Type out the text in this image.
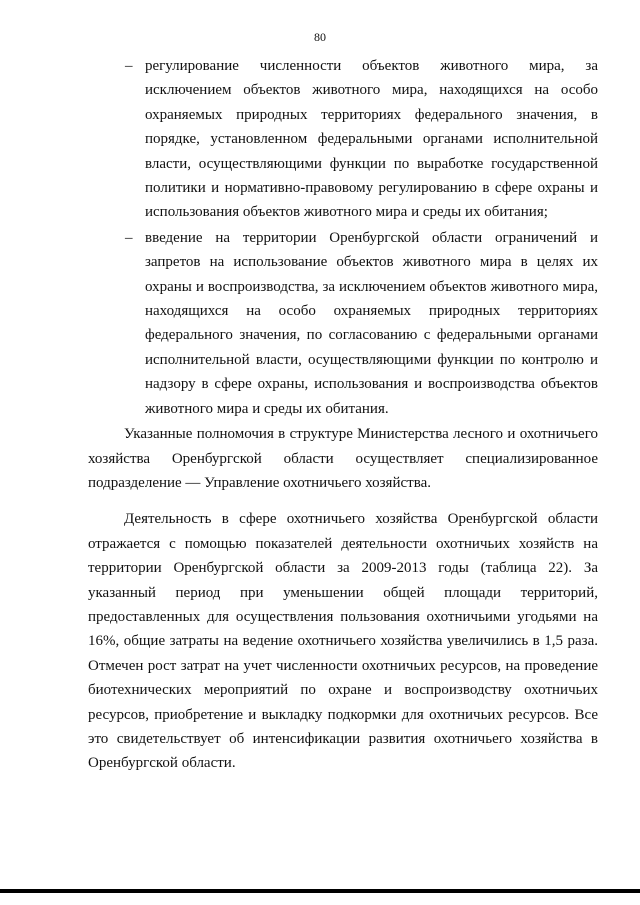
80
– регулирование численности объектов животного мира, за исключением объектов животного мира, находящихся на особо охраняемых природных территориях федерального значения, в порядке, установленном федеральными органами исполнительной власти, осуществляющими функции по выработке государственной политики и нормативно-правовому регулированию в сфере охраны и использования объектов животного мира и среды их обитания;
– введение на территории Оренбургской области ограничений и запретов на использование объектов животного мира в целях их охраны и воспроизводства, за исключением объектов животного мира, находящихся на особо охраняемых природных территориях федерального значения, по согласованию с федеральными органами исполнительной власти, осуществляющими функции по контролю и надзору в сфере охраны, использования и воспроизводства объектов животного мира и среды их обитания.

Указанные полномочия в структуре Министерства лесного и охотничьего хозяйства Оренбургской области осуществляет специализированное подразделение — Управление охотничьего хозяйства.

Деятельность в сфере охотничьего хозяйства Оренбургской области отражается с помощью показателей деятельности охотничьих хозяйств на территории Оренбургской области за 2009-2013 годы (таблица 22). За указанный период при уменьшении общей площади территорий, предоставленных для осуществления пользования охотничьими угодьями на 16%, общие затраты на ведение охотничьего хозяйства увеличились в 1,5 раза. Отмечен рост затрат на учет численности охотничьих ресурсов, на проведение биотехнических мероприятий по охране и воспроизводству охотничьих ресурсов, приобретение и выкладку подкормки для охотничьих ресурсов. Все это свидетельствует об интенсификации развития охотничьего хозяйства в Оренбургской области.
